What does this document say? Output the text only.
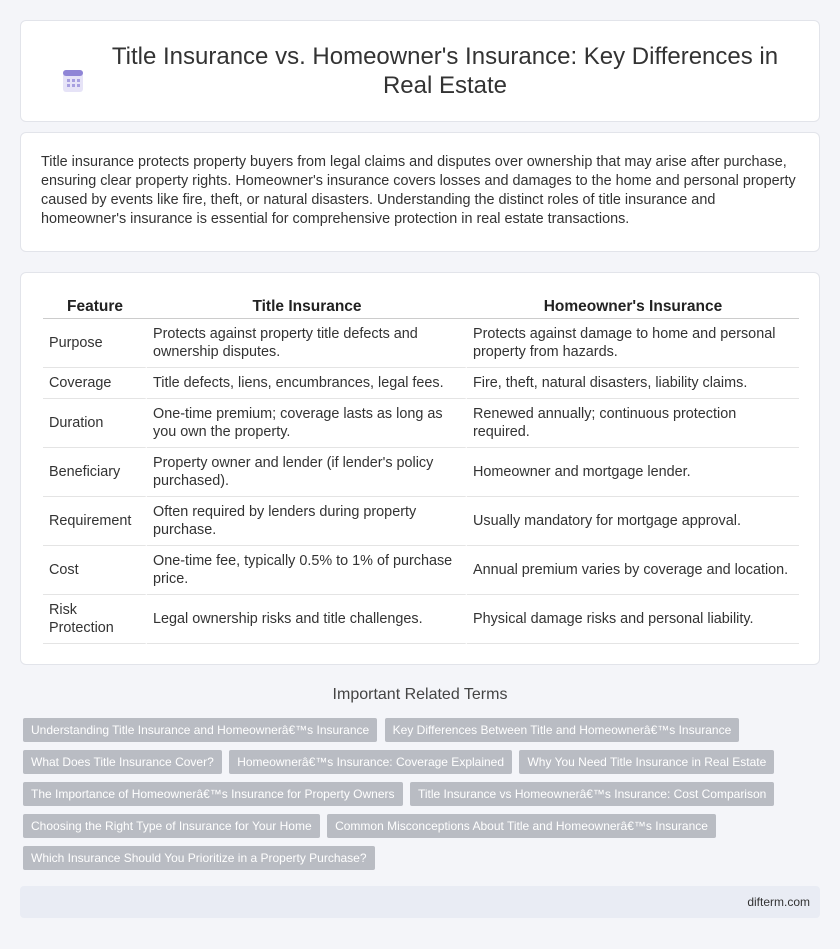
Title Insurance vs. Homeowner's Insurance: Key Differences in Real Estate

Title insurance protects property buyers from legal claims and disputes over ownership that may arise after purchase, ensuring clear property rights. Homeowner's insurance covers losses and damages to the home and personal property caused by events like fire, theft, or natural disasters. Understanding the distinct roles of title insurance and homeowner's insurance is essential for comprehensive protection in real estate transactions.

Feature	Title Insurance	Homeowner's Insurance
Purpose	Protects against property title defects and ownership disputes.	Protects against damage to home and personal property from hazards.
Coverage	Title defects, liens, encumbrances, legal fees.	Fire, theft, natural disasters, liability claims.
Duration	One-time premium; coverage lasts as long as you own the property.	Renewed annually; continuous protection required.
Beneficiary	Property owner and lender (if lender's policy purchased).	Homeowner and mortgage lender.
Requirement	Often required by lenders during property purchase.	Usually mandatory for mortgage approval.
Cost	One-time fee, typically 0.5% to 1% of purchase price.	Annual premium varies by coverage and location.
Risk Protection	Legal ownership risks and title challenges.	Physical damage risks and personal liability.
Important Related Terms
Understanding Title Insurance and Homeownerâ€™s Insurance Key Differences Between Title and Homeownerâ€™s Insurance What Does Title Insurance Cover? Homeownerâ€™s Insurance: Coverage Explained Why You Need Title Insurance in Real Estate The Importance of Homeownerâ€™s Insurance for Property Owners Title Insurance vs Homeownerâ€™s Insurance: Cost Comparison Choosing the Right Type of Insurance for Your Home Common Misconceptions About Title and Homeownerâ€™s Insurance Which Insurance Should You Prioritize in a Property Purchase?
difterm.com
